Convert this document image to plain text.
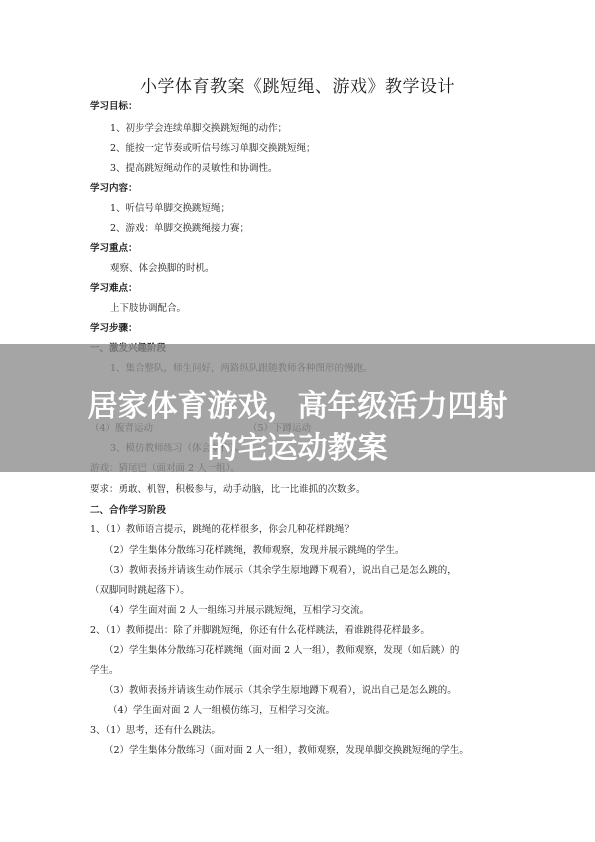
小学体育教案《跳短绳、游戏》教学设计
学习目标：
1、初步学会连续单脚交换跳短绳的动作；
2、能按一定节奏或听信号练习单脚交换跳短绳；
3、提高跳短绳动作的灵敏性和协调性。
学习内容：
1、听信号单脚交换跳短绳；
2、游戏：单脚交换跳绳接力赛；
学习重点：
观察、体会换脚的时机。
学习难点：
上下肢协调配合。
学习步骤：
要求：勇敢、机智，积极参与，动手动脑，比一比谁抓的次数多。
二、合作学习阶段
1、（1）教师语言提示，跳绳的花样很多，你会几种花样跳绳？
（2）学生集体分散练习花样跳绳，教师观察，发现并展示跳绳的学生。
（3）教师表扬并请该生动作展示（其余学生原地蹲下观看），说出自己是怎么跳的，
（双脚同时跳起落下）。
（4）学生面对面 2 人一组练习并展示跳短绳，互相学习交流。
2、（1）教师提出：除了并脚跳短绳，你还有什么花样跳法，看谁跳得花样最多。
（2）学生集体分散练习花样跳绳（面对面 2 人一组），教师观察，发现（如后跳）的
学生。
（3）教师表扬并请该生动作展示（其余学生原地蹲下观看），说出自己是怎么跳的。
（4）学生面对面 2 人一组模仿练习，互相学习交流。
3、（1）思考，还有什么跳法。
（2）学生集体分散练习（面对面 2 人一组），教师观察，发现单脚交换跳短绳的学生。
居家体育游戏，高年级活力四射
的宅运动教案
